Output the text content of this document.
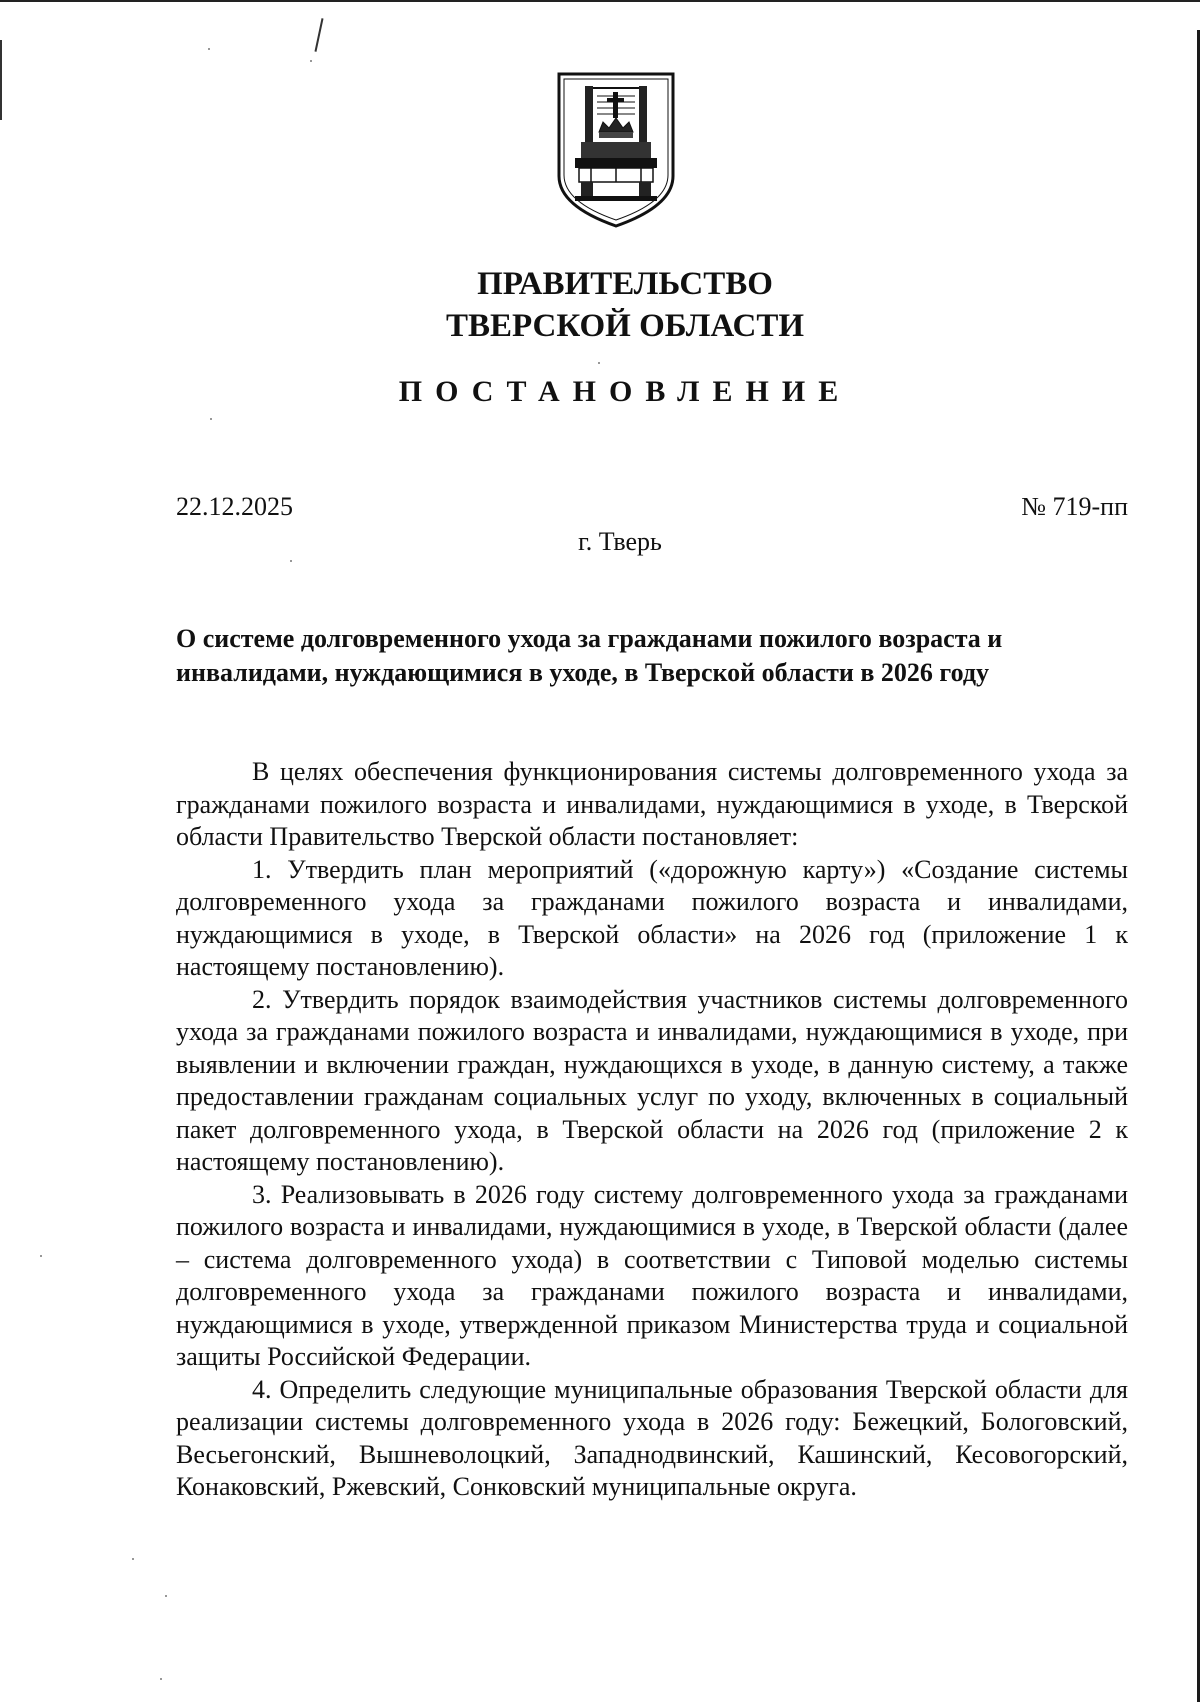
ПРАВИТЕЛЬСТВО
ТВЕРСКОЙ ОБЛАСТИ
ПОСТАНОВЛЕНИЕ
22.12.2025	№ 719-пп
г. Тверь
О системе долговременного ухода за гражданами пожилого возраста и инвалидами, нуждающимися в уходе, в Тверской области в 2026 году

В целях обеспечения функционирования системы долговременного ухода за гражданами пожилого возраста и инвалидами, нуждающимися в уходе, в Тверской области Правительство Тверской области постановляет:

1. Утвердить план мероприятий («дорожную карту») «Создание системы долговременного ухода за гражданами пожилого возраста и инвалидами, нуждающимися в уходе, в Тверской области» на 2026 год (приложение 1 к настоящему постановлению).

2. Утвердить порядок взаимодействия участников системы долговременного ухода за гражданами пожилого возраста и инвалидами, нуждающимися в уходе, при выявлении и включении граждан, нуждающихся в уходе, в данную систему, а также предоставлении гражданам социальных услуг по уходу, включенных в социальный пакет долговременного ухода, в Тверской области на 2026 год (приложение 2 к настоящему постановлению).

3. Реализовывать в 2026 году систему долговременного ухода за гражданами пожилого возраста и инвалидами, нуждающимися в уходе, в Тверской области (далее – система долговременного ухода) в соответствии с Типовой моделью системы долговременного ухода за гражданами пожилого возраста и инвалидами, нуждающимися в уходе, утвержденной приказом Министерства труда и социальной защиты Российской Федерации.

4. Определить следующие муниципальные образования Тверской области для реализации системы долговременного ухода в 2026 году: Бежецкий, Бологовский, Весьегонский, Вышневолоцкий, Западнодвинский, Кашинский, Кесовогорский, Конаковский, Ржевский, Сонковский муниципальные округа.
